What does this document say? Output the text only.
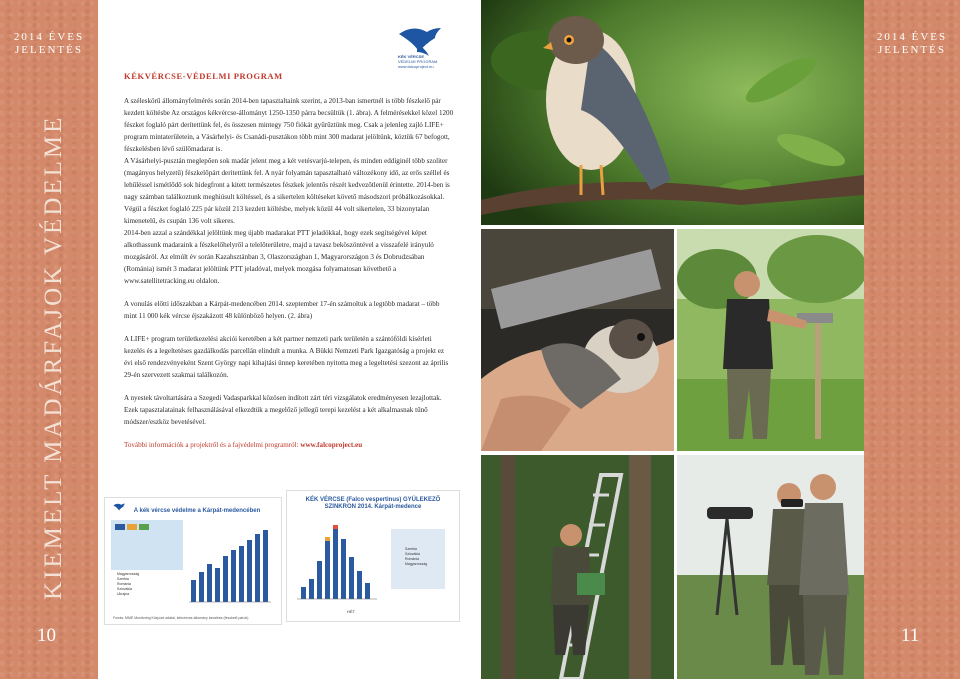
2014 ÉVES
JELENTÉS
KIEMELT MADÁRFAJOK VÉDELME
10
2014 ÉVES
JELENTÉS
11
KÉK VÉRCSE
VÉDELMI PROGRAM
www.falcoproject.eu
KÉKVÉRCSE-VÉDELMI PROGRAM

A széleskörű állományfelmérés során 2014-ben tapasztaltaink szerint, a 2013-ban ismertnél is több fészkelő pár kezdett költésbe Az országos kékvércse-állományt 1250-1350 párra becsültük (1. ábra). A felmérésekkel közel 1200 fészket foglaló párt derítettünk fel, és összesen mintegy 750 fiókát gyűrűztünk meg. Csak a jelenleg zajló LIFE+ program mintaterületein, a Vásárhelyi- és Csanádi-pusztákon több mint 300 madarat jelöltünk, köztük 67 befogott, fészkelésben lévő szülőmadarat is.

A Vásárhelyi-pusztán meglepően sok madár jelent meg a két vetésvarjú-telepen, és minden eddiginél több szoliter (magányos helyzetű) fészkelőpárt derítettünk fel. A nyár folyamán tapasztalható változékony idő, az erős széllel és lehűléssel ismétlődő sok hidegfront a kitett természetes fészkek jelentős részét kedvezőtlenül érintette. 2014-ben is nagy számban találkoztunk meghiúsult költéssel, és a sikertelen költéseket követő másodszori próbálkozásokkal. Végül a fészket foglaló 225 pár közül 213 kezdett költésbe, melyek közül 44 volt sikertelen, 33 bizonytalan kimenetelű, és csupán 136 volt sikeres.

2014-ben azzal a szándékkal jelöltünk meg újabb madarakat PTT jeladókkal, hogy ezek segítségével képet alkothassunk madaraink a fészkelőhelyről a telelőterületre, majd a tavasz beköszöntével a visszafelé irányuló mozgásáról. Az elmúlt év során Kazahsztánban 3, Olaszországban 1, Magyarországon 3 és Dobrudzsában (Románia) ismét 3 madarat jelöltünk PTT jeladóval, melyek mozgása folyamatosan követhető a www.satellitetracking.eu oldalon.

A vonulás előtti időszakban a Kárpát-medencében 2014. szeptember 17-én számoltuk a legtöbb madarat – több mint 11 000 kék vércse éjszakázott 48 különböző helyen. (2. ábra)

A LIFE+ program területkezelési akciói keretében a két partner nemzeti park területén a szántóföldi kísérleti kezelés és a legeltetéses gazdálkodás parcellán elindult a munka. A Bükki Nemzeti Park Igazgatóság a projekt ez évi első rendezvényeként Szent György napi kihajtási ünnep keretében nyitotta meg a legeltetési szezont az április 29-én szervezett szakmai találkozón.

A nyestek távoltartására a Szegedi Vadasparkkal közösen indított zárt téri vizsgálatok eredményesen lezajlottak. Ezek tapasztalatainak felhasználásával elkezdtük a megelőző jellegű terepi kezelést a két alkalmasnak tűnő módszer/eszköz bevetésével.

További információk a projektről és a fajvédelmi programról: www.falcoproject.eu

A kék vércse védelme a Kárpát-medencében
Magyarország
Szerbia
Románia
Szlovákia
Ukrajna
Forrás: MME Monitoring Központ adatai, kékvércse-állomány becslése (fészkelő párok)
KÉK VÉRCSE (Falco vespertinus) GYÜLEKEZŐ SZINKRON 2014. Kárpát-medence
Szerbia
Szlovákia
Románia
Magyarország
HÉT
